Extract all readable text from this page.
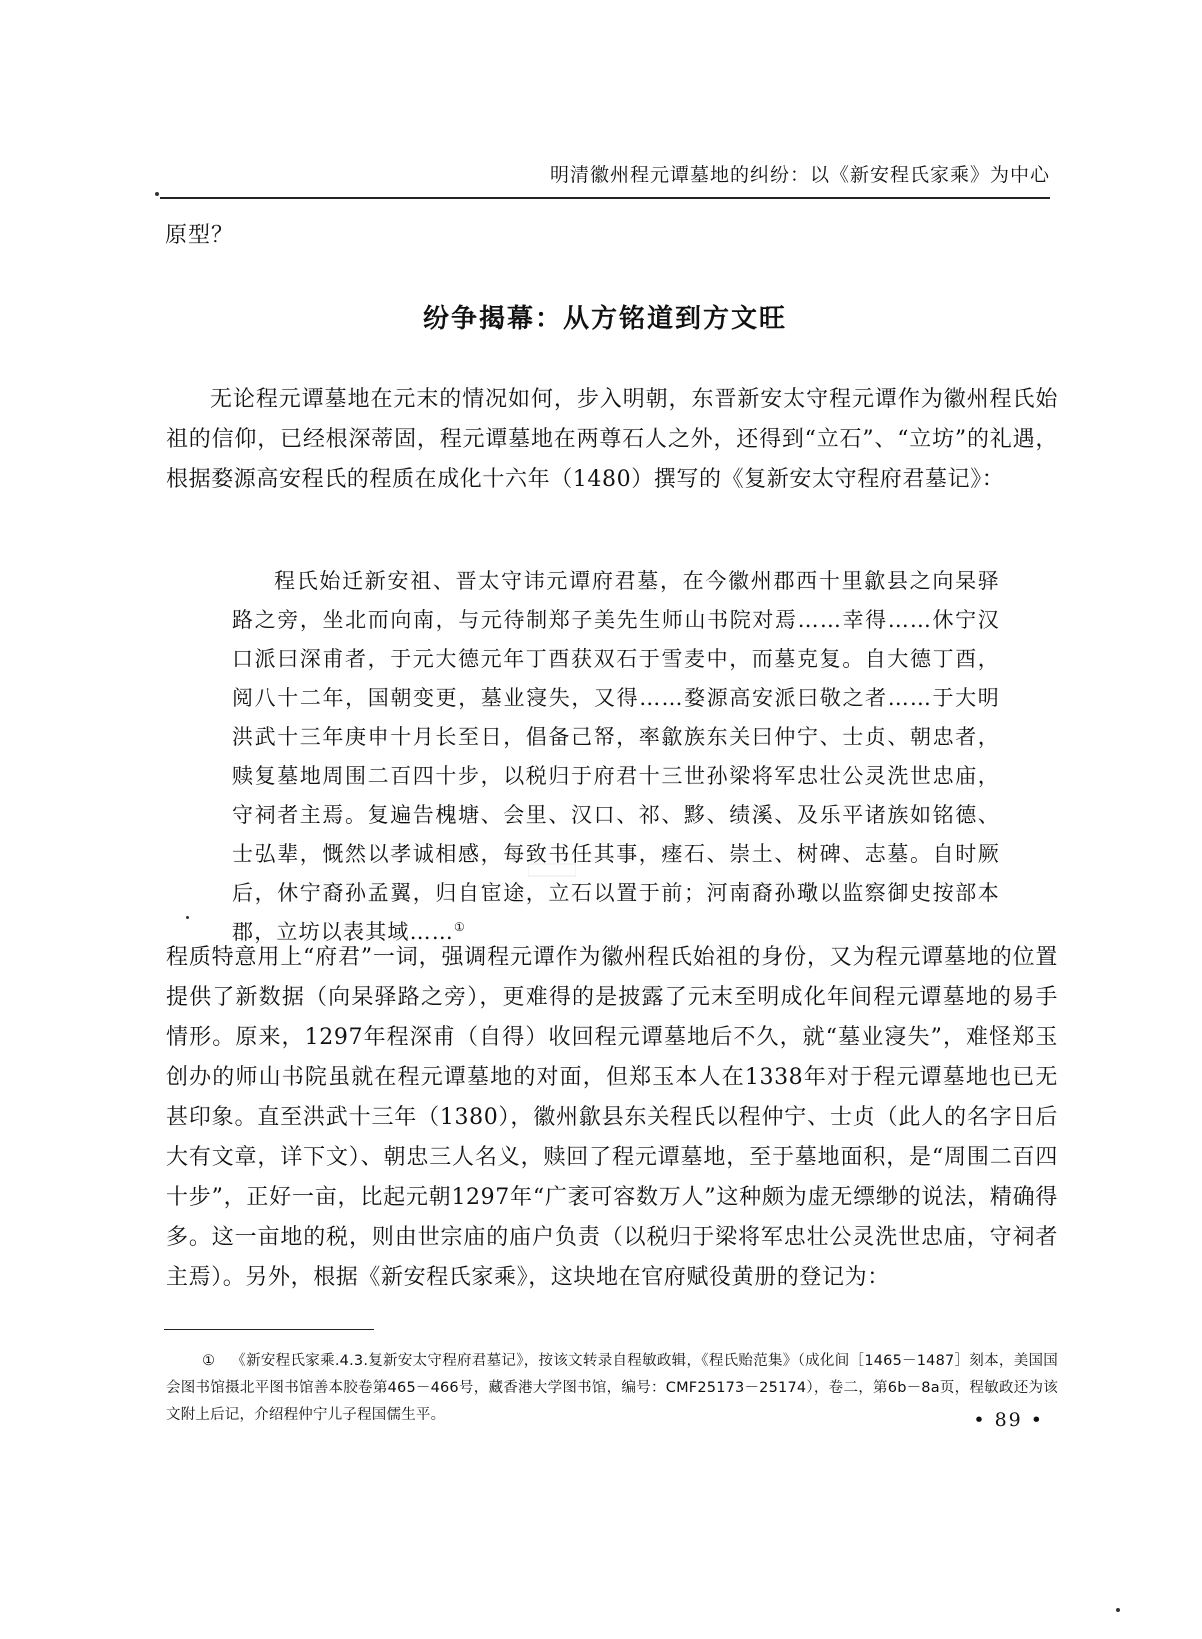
明清徽州程元谭墓地的纠纷：以《新安程氏家乘》为中心
原型？
纷争揭幕：从方铭道到方文旺

无论程元谭墓地在元末的情况如何，步入明朝，东晋新安太守程元谭作为徽州程氏始祖的信仰，已经根深蒂固，程元谭墓地在两尊石人之外，还得到“立石”、“立坊”的礼遇，根据婺源高安程氏的程质在成化十六年（1480）撰写的《复新安太守程府君墓记》：

程氏始迁新安祖、晋太守讳元谭府君墓，在今徽州郡西十里歙县之向杲驿路之旁，坐北而向南，与元待制郑子美先生师山书院对焉……幸得……休宁汉口派曰深甫者，于元大德元年丁酉获双石于雪麦中，而墓克复。自大德丁酉，阅八十二年，国朝变更，墓业寖失，又得……婺源高安派曰敬之者……于大明洪武十三年庚申十月长至日，倡备己帑，率歙族东关曰仲宁、士贞、朝忠者，赎复墓地周围二百四十步，以税归于府君十三世孙梁将军忠壮公灵洗世忠庙，守祠者主焉。复遍告槐塘、会里、汉口、祁、黟、绩溪、及乐平诸族如铭德、士弘辈，慨然以孝诚相感，每致书任其事，瘗石、崇土、树碑、志墓。自时厥后，休宁裔孙孟翼，归自宦途，立石以置于前；河南裔孙璥以监察御史按部本郡，立坊以表其域……①

程质特意用上“府君”一词，强调程元谭作为徽州程氏始祖的身份，又为程元谭墓地的位置提供了新数据（向杲驿路之旁），更难得的是披露了元末至明成化年间程元谭墓地的易手情形。原来，1297年程深甫（自得）收回程元谭墓地后不久，就“墓业寖失”，难怪郑玉创办的师山书院虽就在程元谭墓地的对面，但郑玉本人在1338年对于程元谭墓地也已无甚印象。直至洪武十三年（1380），徽州歙县东关程氏以程仲宁、士贞（此人的名字日后大有文章，详下文）、朝忠三人名义，赎回了程元谭墓地，至于墓地面积，是“周围二百四十步”，正好一亩，比起元朝1297年“广袤可容数万人”这种颇为虚无缥缈的说法，精确得多。这一亩地的税，则由世宗庙的庙户负责（以税归于梁将军忠壮公灵洗世忠庙，守祠者主焉）。另外，根据《新安程氏家乘》，这块地在官府赋役黄册的登记为：

① 《新安程氏家乘.4.3.复新安太守程府君墓记》，按该文转录自程敏政辑，《程氏贻范集》（成化间［1465－1487］刻本，美国国会图书馆摄北平图书馆善本胶卷第465－466号，藏香港大学图书馆，编号：CMF25173－25174），卷二，第6b－8a页，程敏政还为该文附上后记，介绍程仲宁儿子程国儒生平。	• 89 •
